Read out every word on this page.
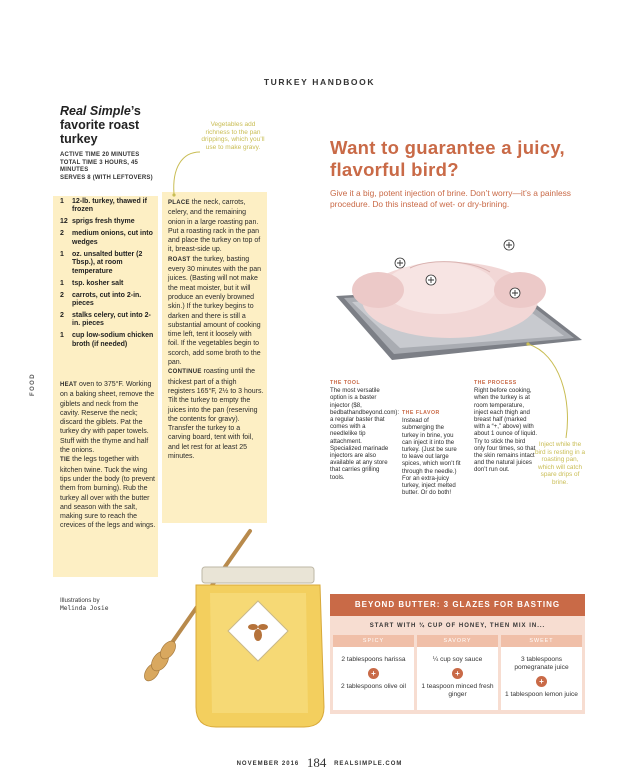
TURKEY HANDBOOK
FOOD
Real Simple’s favorite roast turkey
ACTIVE TIME 20 MINUTES
TOTAL TIME 3 HOURS, 45 MINUTES
SERVES 8 (WITH LEFTOVERS)
1	12-lb. turkey, thawed if frozen
12 sprigs fresh thyme
2	medium onions, cut into wedges
1	oz. unsalted butter (2 Tbsp.), at room temperature
1	tsp. kosher salt
2	carrots, cut into 2-in. pieces
2	stalks celery, cut into 2-in. pieces
1	cup low-sodium chicken broth (if needed)

HEAT oven to 375°F. Working on a baking sheet, remove the giblets and neck from the cavity. Reserve the neck; discard the giblets. Pat the turkey dry with paper towels. Stuff with the thyme and half the onions.

TIE the legs together with kitchen twine. Tuck the wing tips under the body (to prevent them from burning). Rub the turkey all over with the butter and season with the salt, making sure to reach the crevices of the legs and wings.

PLACE the neck, carrots, celery, and the remaining onion in a large roasting pan. Put a roasting rack in the pan and place the turkey on top of it, breast-side up.

ROAST the turkey, basting every 30 minutes with the pan juices. (Basting will not make the meat moister, but it will produce an evenly browned skin.) If the turkey begins to darken and there is still a substantial amount of cooking time left, tent it loosely with foil. If the vegetables begin to scorch, add some broth to the pan.

CONTINUE roasting until the thickest part of a thigh registers 165°F, 2½ to 3 hours. Tilt the turkey to empty the juices into the pan (reserving the contents for gravy). Transfer the turkey to a carving board, tent with foil, and let rest for at least 25 minutes.

Vegetables add richness to the pan drippings, which you’ll use to make gravy.	Want to guarantee a juicy, flavorful bird?
Give it a big, potent injection of brine. Don’t worry—it’s a painless procedure. Do this instead of wet- or dry-brining.
THE TOOL
The most versatile option is a baster injector ($8, bedbathandbeyond.com): a regular baster that comes with a needlelike tip attachment. Specialized marinade injectors are also available at any store that carries grilling tools.
THE FLAVOR
Instead of submerging the turkey in brine, you can inject it into the turkey. (Just be sure to leave out large spices, which won’t fit through the needle.) For an extra-juicy turkey, inject melted butter. Or do both!
THE PROCESS
Right before cooking, when the turkey is at room temperature, inject each thigh and breast half (marked with a “+,” above) with about 1 ounce of liquid. Try to stick the bird only four times, so that the skin remains intact and the natural juices don’t run out.
Inject while the bird is resting in a roasting pan, which will catch spare drips of brine.
Illustrations by
Melinda Josie	BEYOND BUTTER: 3 GLAZES FOR BASTING
START WITH ¾ CUP OF HONEY, THEN MIX IN...
SPICY
2 tablespoons harissa
+
2 tablespoons olive oil
SAVORY
¼ cup soy sauce
+
1 teaspoon minced fresh ginger
SWEET
3 tablespoons pomegranate juice
+
1 tablespoon lemon juice
NOVEMBER 2016 184 REALSIMPLE.COM
